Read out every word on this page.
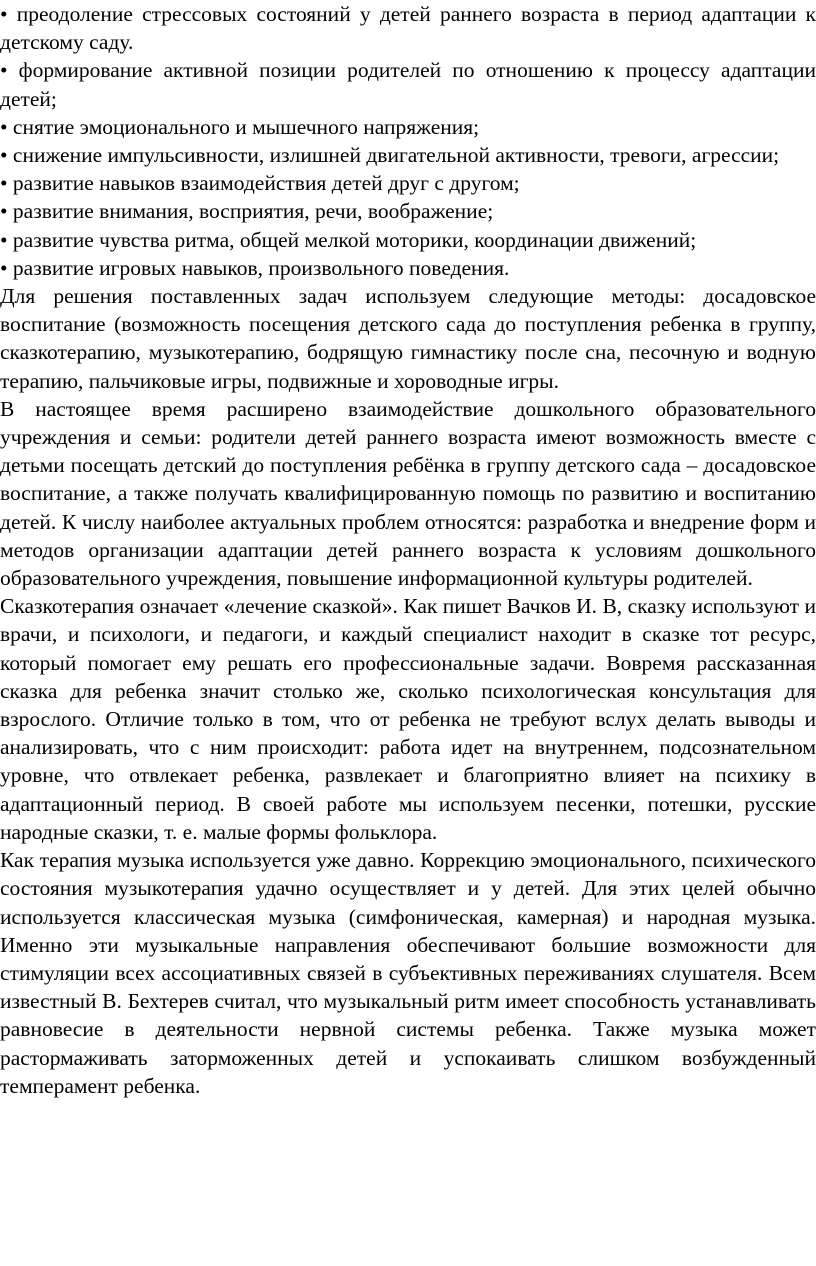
• преодоление стрессовых состояний у детей раннего возраста в период адаптации к детскому саду.
• формирование активной позиции родителей по отношению к процессу адаптации детей;
• снятие эмоционального и мышечного напряжения;
• снижение импульсивности, излишней двигательной активности, тревоги, агрессии;
• развитие навыков взаимодействия детей друг с другом;
• развитие внимания, восприятия, речи, воображение;
• развитие чувства ритма, общей мелкой моторики, координации движений;
• развитие игровых навыков, произвольного поведения.

Для решения поставленных задач используем следующие методы: досадовское воспитание (возможность посещения детского сада до поступления ребенка в группу, сказкотерапию, музыкотерапию, бодрящую гимнастику после сна, песочную и водную терапию, пальчиковые игры, подвижные и хороводные игры.

В настоящее время расширено взаимодействие дошкольного образовательного учреждения и семьи: родители детей раннего возраста имеют возможность вместе с детьми посещать детский до поступления ребёнка в группу детского сада – досадовское воспитание, а также получать квалифицированную помощь по развитию и воспитанию детей. К числу наиболее актуальных проблем относятся: разработка и внедрение форм и методов организации адаптации детей раннего возраста к условиям дошкольного образовательного учреждения, повышение информационной культуры родителей.

Сказкотерапия означает «лечение сказкой». Как пишет Вачков И. В, сказку используют и врачи, и психологи, и педагоги, и каждый специалист находит в сказке тот ресурс, который помогает ему решать его профессиональные задачи. Вовремя рассказанная сказка для ребенка значит столько же, сколько психологическая консультация для взрослого. Отличие только в том, что от ребенка не требуют вслух делать выводы и анализировать, что с ним происходит: работа идет на внутреннем, подсознательном уровне, что отвлекает ребенка, развлекает и благоприятно влияет на психику в адаптационный период. В своей работе мы используем песенки, потешки, русские народные сказки, т. е. малые формы фольклора.

Как терапия музыка используется уже давно. Коррекцию эмоционального, психического состояния музыкотерапия удачно осуществляет и у детей. Для этих целей обычно используется классическая музыка (симфоническая, камерная) и народная музыка. Именно эти музыкальные направления обеспечивают большие возможности для стимуляции всех ассоциативных связей в субъективных переживаниях слушателя. Всем известный В. Бехтерев считал, что музыкальный ритм имеет способность устанавливать равновесие в деятельности нервной системы ребенка. Также музыка может растормаживать заторможенных детей и успокаивать слишком возбужденный темперамент ребенка.
